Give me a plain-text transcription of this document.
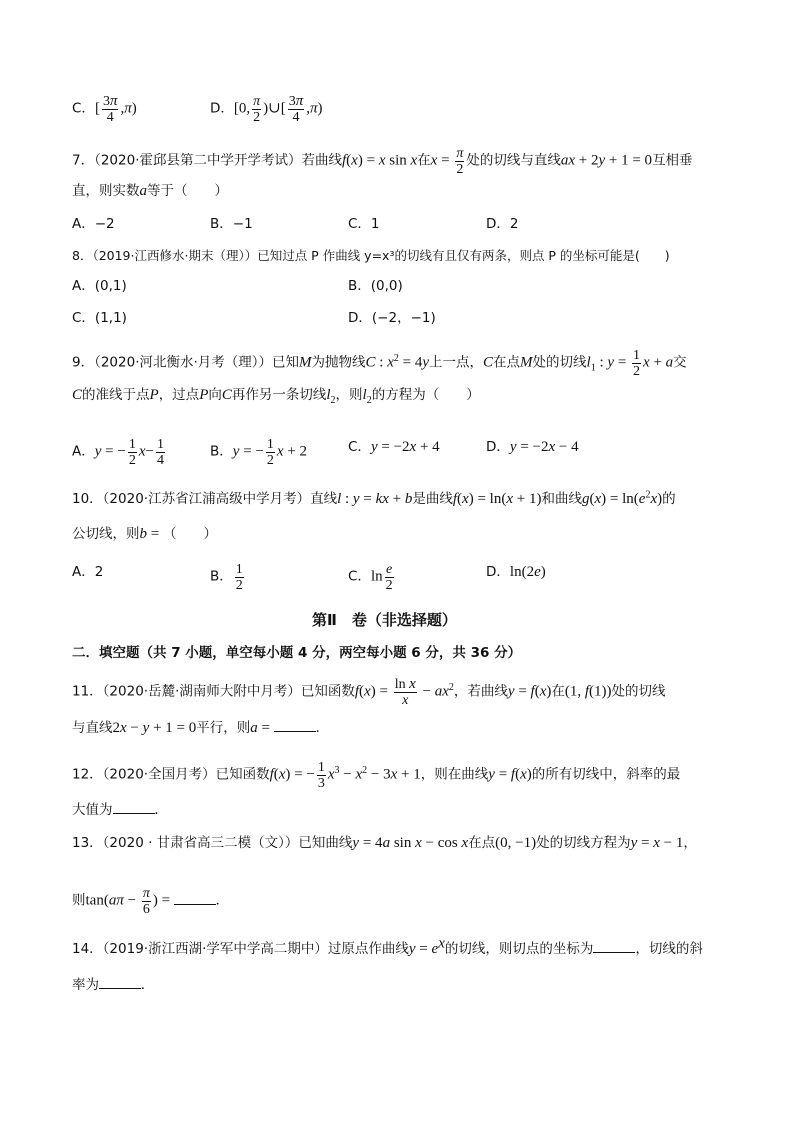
C．[ $\frac{3\pi}{4} ,\pi$)	D．[0, $\frac{\pi}{2}$ )∪[ $\frac{3\pi}{4} ,\pi$)
7．（2020·霍邱县第二中学开学考试）若曲线f(x) = x sin x在$x = \frac{\pi}{2}$ 处的切线与直线ax + 2y + 1 = 0互相垂
直，则实数a等于（　　）
A．−2	B．−1	C．1	D．2
8．（2019·江西修水·期末（理））已知过点 P 作曲线 y=x³的切线有且仅有两条，则点 P 的坐标可能是(　　)
A．(0,1)	B．(0,0)
C．(1,1)	D．(−2，−1)
9．（2020·河北衡水·月考（理））已知M为抛物线C : $x^2 = 4y$上一点，C在点M处的切线$l_1$ : $y = \frac{1}{2}$ x + a交
C的准线于点P，过点P向C再作另一条切线$l_2$，则$l_2$的方程为（　　）
A．y = − $\frac{1}{2} x- \frac{1}{4}$	B．y = − $\frac{1}{2}$ x + 2	C．y = −2x + 4	D．y = −2x − 4
10．（2020·江苏省江浦高级中学月考）直线l : y = kx + b是曲线f(x) = ln(x + 1)和曲线$g(x) = \ln(e^2x)$的
公切线，则b = （　　）
A．2	B． $\frac{1}{2}$	C．$\ln \frac{e}{2}$	D．ln(2e)
第Ⅱ　卷（非选择题）
二．填空题（共 7 小题，单空每小题 4 分，两空每小题 6 分，共 36 分）
11．（2020·岳麓·湖南师大附中月考）已知函数$f(x) = \frac{\text{ln x}}{x} - ax^2$，若曲线y = f(x)在(1, f(1))处的切线
与直线2x − y + 1 = 0平行，则a =	.
12．（2020·全国月考）已知函数f(x) = − $\frac{1}{3} x^3 - x^2 - 3x + 1$，则在曲线y = f(x)的所有切线中，斜率的最
大值为	.
13．（2020 · 甘肃省高三二模（文））已知曲线y = 4a sin x − cos x在点(0, −1)处的切线方程为y = x − 1，
则$\tan(a\pi - \frac{\pi}{6}$ ) =	.
14．（2019·浙江西湖·学军中学高二期中）过原点作曲线$y = e^x$的切线，则切点的坐标为	，切线的斜
率为	.
